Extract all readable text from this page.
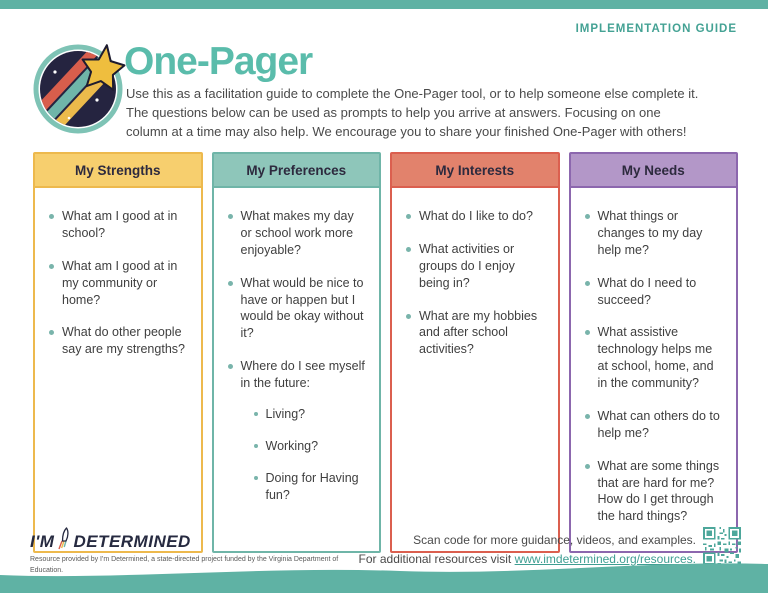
IMPLEMENTATION GUIDE
One-Pager

Use this as a facilitation guide to complete the One-Pager tool, or to help someone else complete it. The questions below can be used as prompts to help you arrive at answers. Focusing on one column at a time may also help. We encourage you to share your finished One-Pager with others!

My Strengths
What am I good at in school?
What am I good at in my community or home?
What do other people say are my strengths?
My Preferences
What makes my day or school work more enjoyable?
What would be nice to have or happen but I would be okay without it?
Where do I see myself in the future:
Living?
Working?
Doing for Having fun?
My Interests
What do I like to do?
What activities or groups do I enjoy being in?
What are my hobbies and after school activities?
My Needs
What things or changes to my day help me?
What do I need to succeed?
What assistive technology helps me at school, home, and in the community?
What can others do to help me?
What are some things that are hard for me? How do I get through the hard things?
I'M DETERMINED
Resource provided by I'm Determined, a state-directed project funded by the Virginia Department of Education.
Scan code for more guidance, videos, and examples.
For additional resources visit www.imdetermined.org/resources.
